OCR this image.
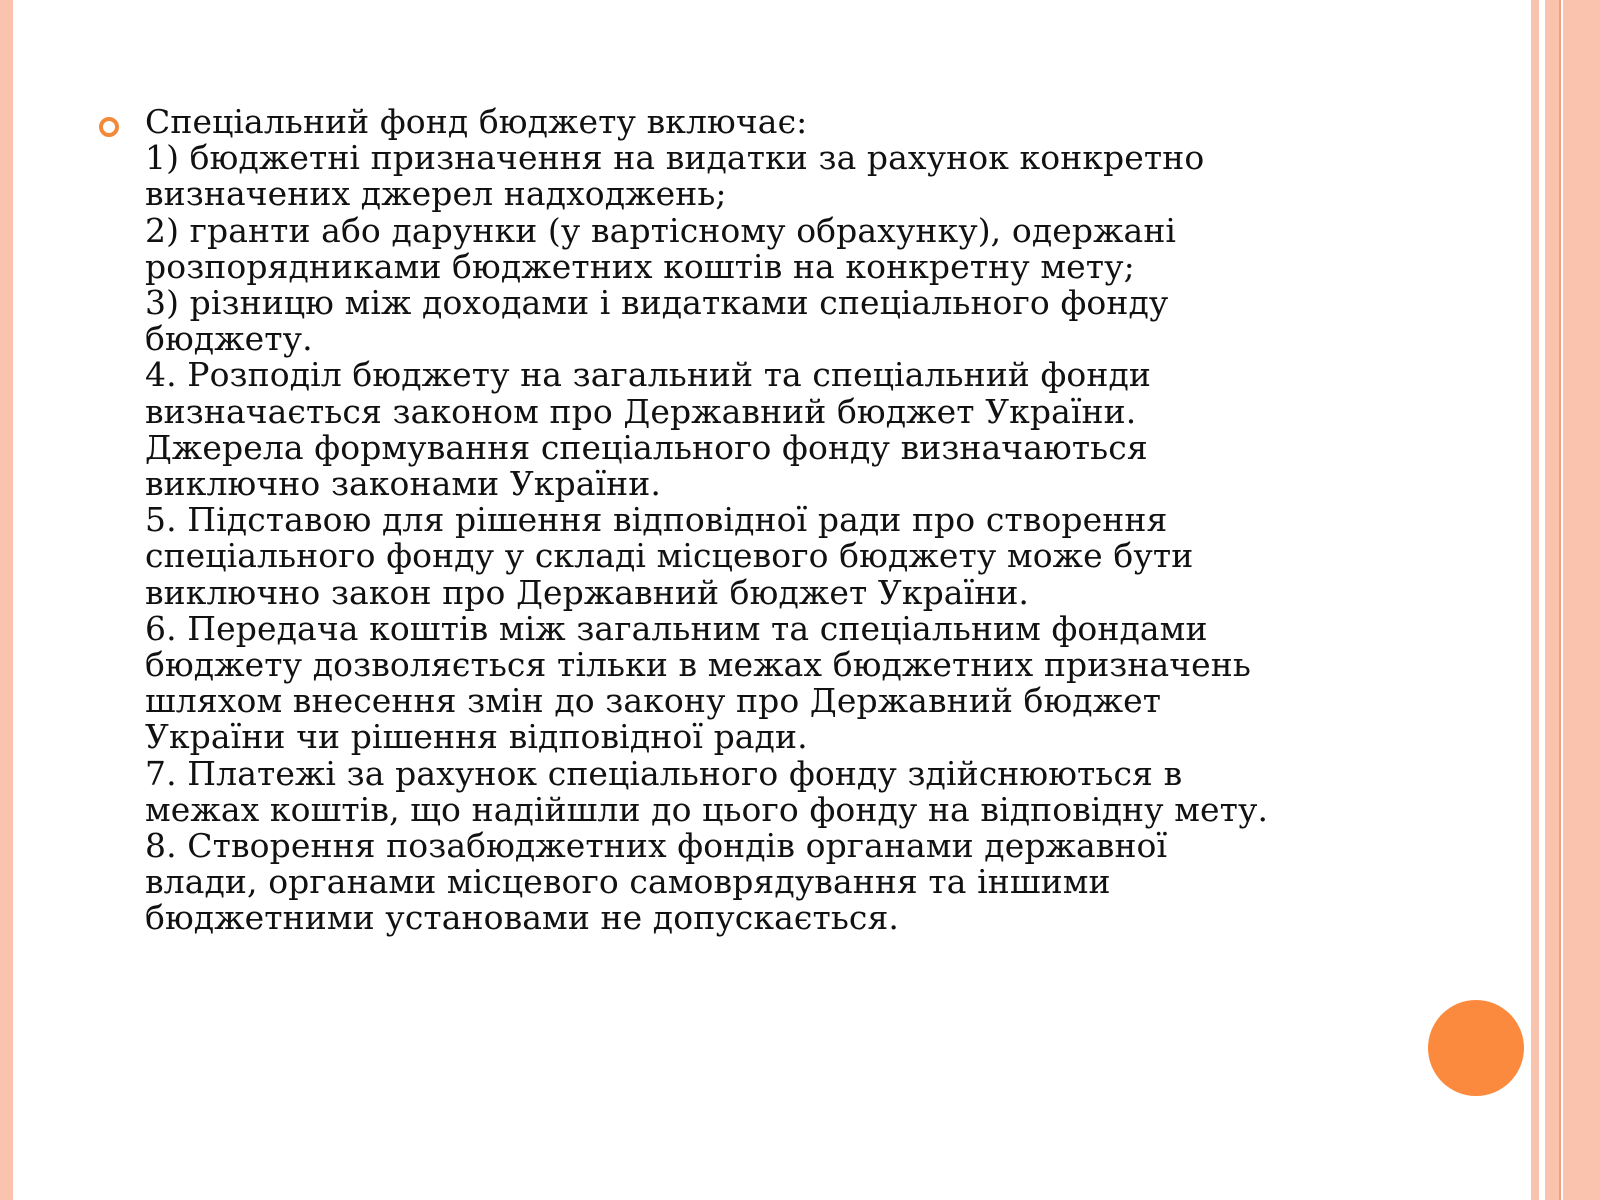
Спеціальний фонд бюджету включає:
1) бюджетні призначення на видатки за рахунок конкретно
визначених джерел надходжень;
2) гранти або дарунки (у вартісному обрахунку), одержані
розпорядниками бюджетних коштів на конкретну мету;
3) різницю між доходами і видатками спеціального фонду
бюджету.
4. Розподіл бюджету на загальний та спеціальний фонди
визначається законом про Державний бюджет України.
Джерела формування спеціального фонду визначаються
виключно законами України.
5. Підставою для рішення відповідної ради про створення
спеціального фонду у складі місцевого бюджету може бути
виключно закон про Державний бюджет України.
6. Передача коштів між загальним та спеціальним фондами
бюджету дозволяється тільки в межах бюджетних призначень
шляхом внесення змін до закону про Державний бюджет
України чи рішення відповідної ради.
7. Платежі за рахунок спеціального фонду здійснюються в
межах коштів, що надійшли до цього фонду на відповідну мету.
8. Створення позабюджетних фондів органами державної
влади, органами місцевого самоврядування та іншими
бюджетними установами не допускається.
